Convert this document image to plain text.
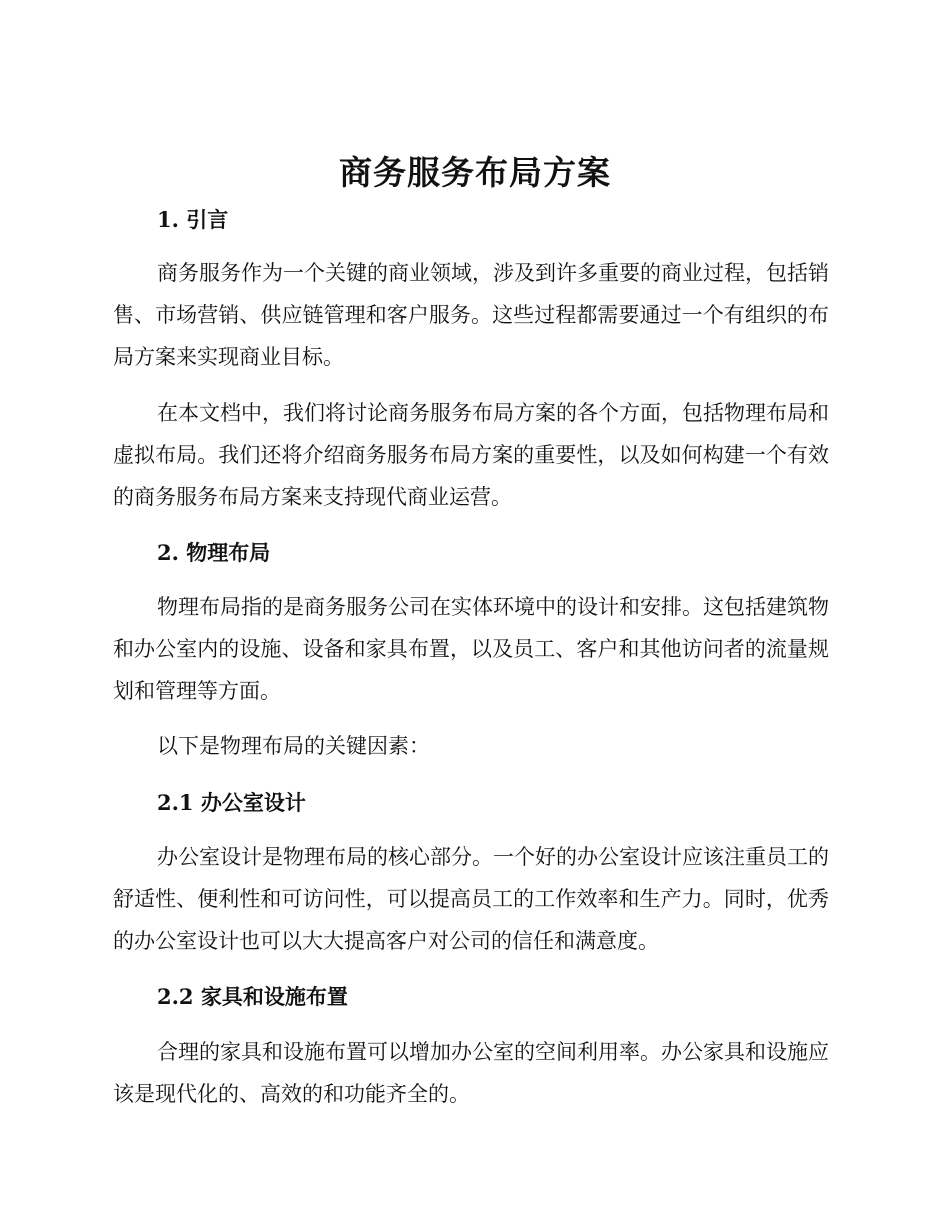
商务服务布局方案
1. 引言
商务服务作为一个关键的商业领域，涉及到许多重要的商业过程，包括销售、市场营销、供应链管理和客户服务。这些过程都需要通过一个有组织的布局方案来实现商业目标。
在本文档中，我们将讨论商务服务布局方案的各个方面，包括物理布局和虚拟布局。我们还将介绍商务服务布局方案的重要性，以及如何构建一个有效的商务服务布局方案来支持现代商业运营。
2. 物理布局
物理布局指的是商务服务公司在实体环境中的设计和安排。这包括建筑物和办公室内的设施、设备和家具布置，以及员工、客户和其他访问者的流量规划和管理等方面。
以下是物理布局的关键因素：
2.1 办公室设计
办公室设计是物理布局的核心部分。一个好的办公室设计应该注重员工的舒适性、便利性和可访问性，可以提高员工的工作效率和生产力。同时，优秀的办公室设计也可以大大提高客户对公司的信任和满意度。
2.2 家具和设施布置
合理的家具和设施布置可以增加办公室的空间利用率。办公家具和设施应该是现代化的、高效的和功能齐全的。
